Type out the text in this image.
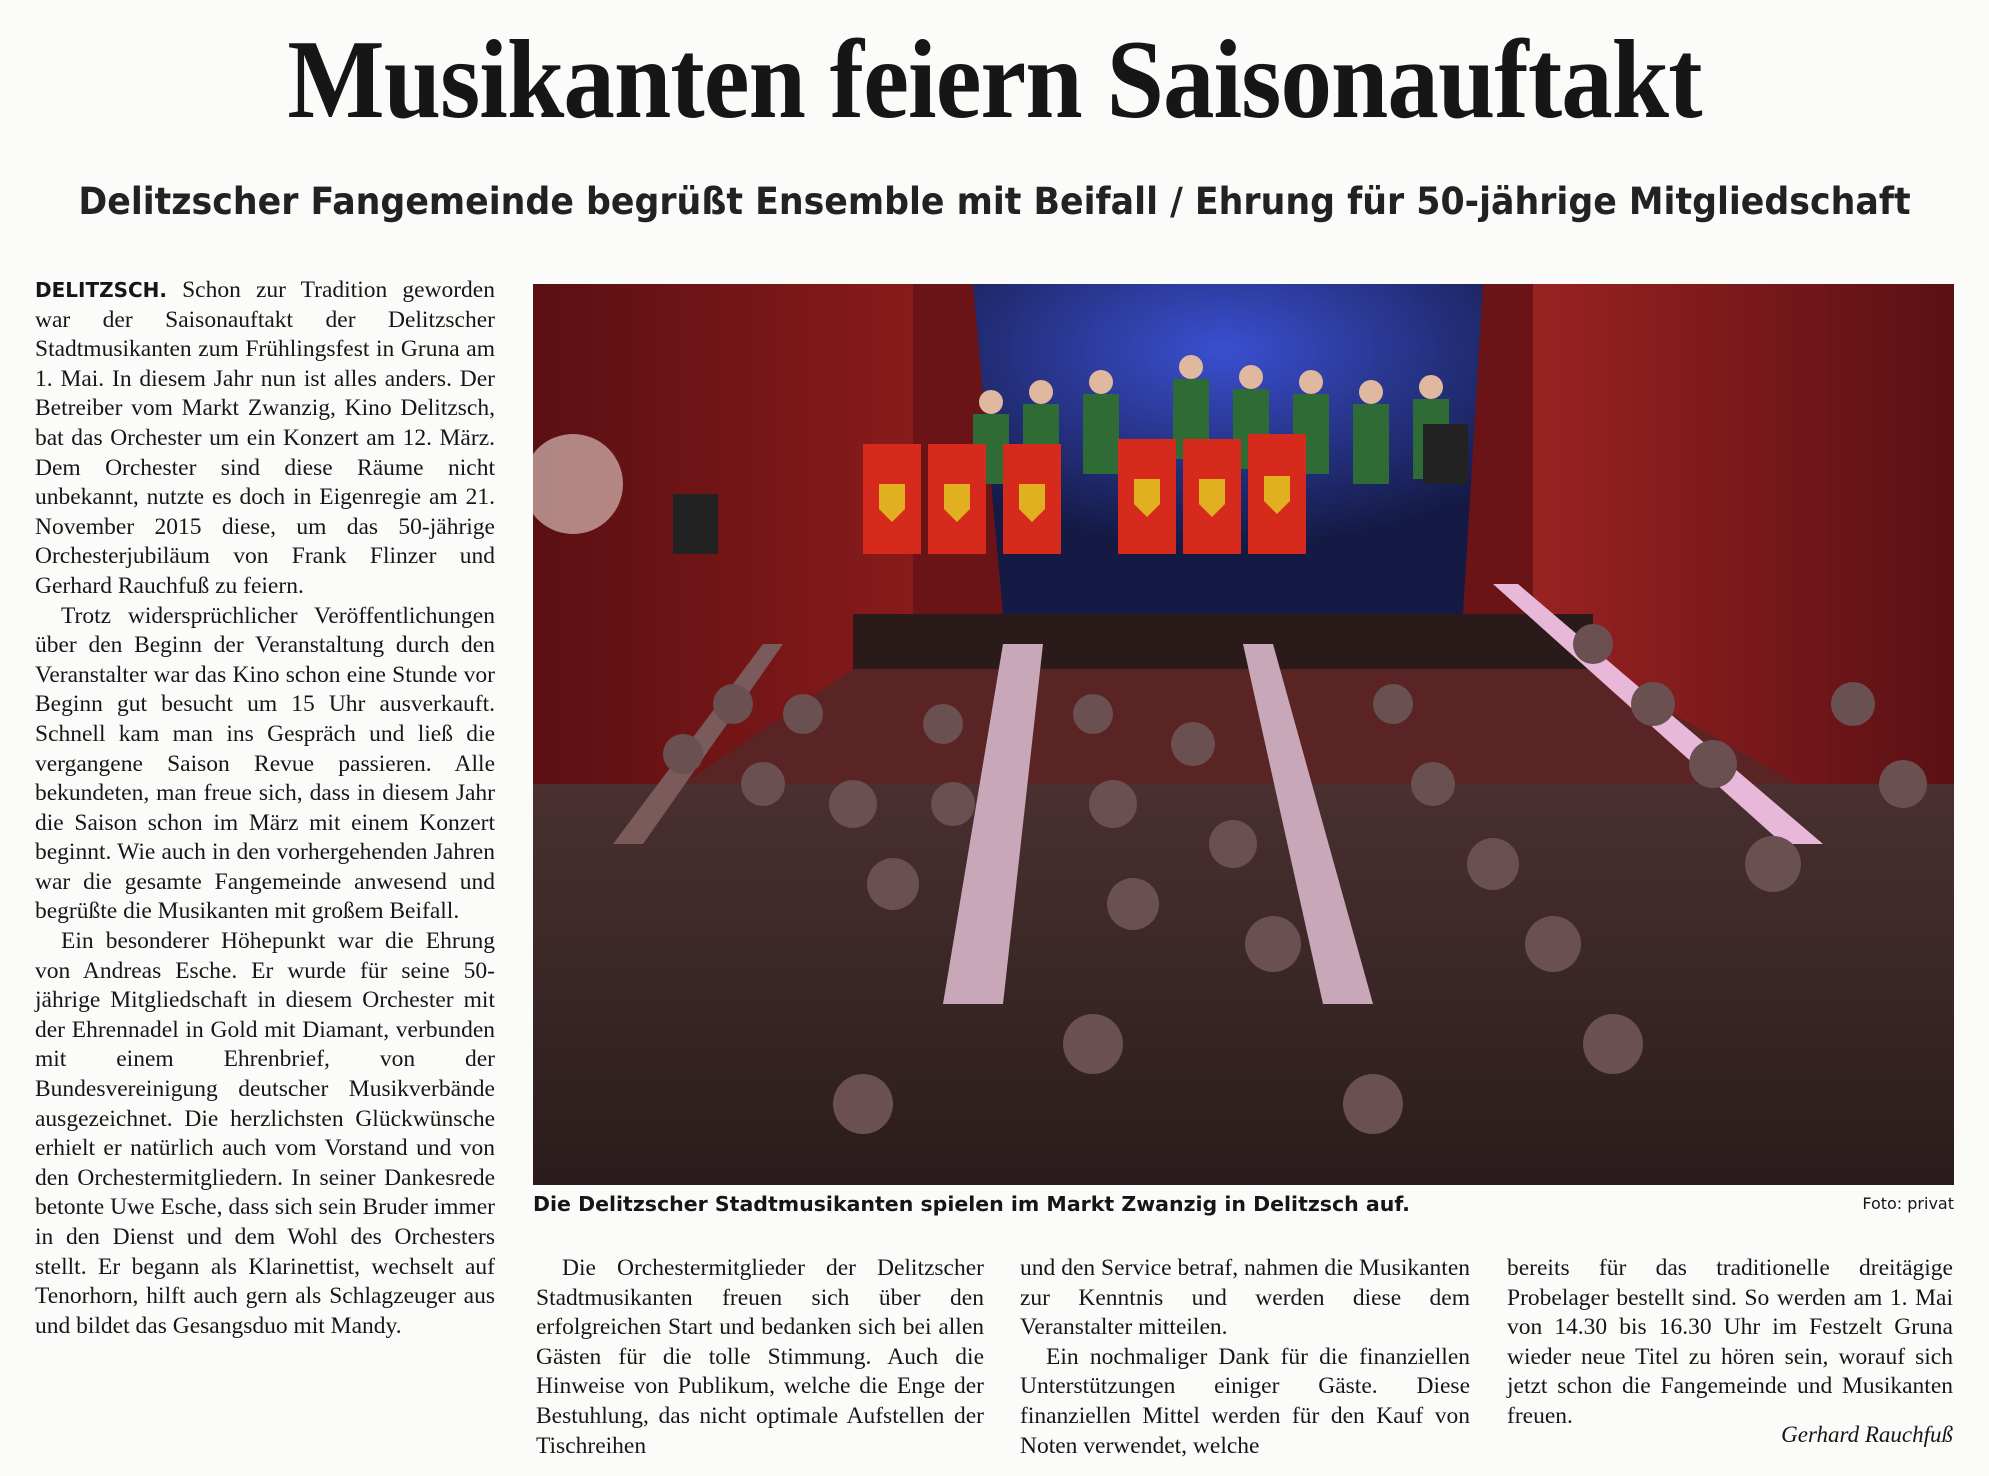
Musikanten feiern Saisonauftakt
Delitzscher Fangemeinde begrüßt Ensemble mit Beifall / Ehrung für 50-jährige Mitgliedschaft

DELITZSCH. Schon zur Tradition geworden war der Saisonauftakt der Delitzscher Stadtmusikanten zum Frühlingsfest in Gruna am 1. Mai. In diesem Jahr nun ist alles anders. Der Betreiber vom Markt Zwanzig, Kino Delitzsch, bat das Orchester um ein Konzert am 12. März. Dem Orchester sind diese Räume nicht unbekannt, nutzte es doch in Eigenregie am 21. November 2015 diese, um das 50-jährige Orchesterjubiläum von Frank Flinzer und Gerhard Rauchfuß zu feiern.

Trotz widersprüchlicher Veröffentlichungen über den Beginn der Veranstaltung durch den Veranstalter war das Kino schon eine Stunde vor Beginn gut besucht um 15 Uhr ausverkauft. Schnell kam man ins Gespräch und ließ die vergangene Saison Revue passieren. Alle bekundeten, man freue sich, dass in diesem Jahr die Saison schon im März mit einem Konzert beginnt. Wie auch in den vorhergehenden Jahren war die gesamte Fangemeinde anwesend und begrüßte die Musikanten mit großem Beifall.

Ein besonderer Höhepunkt war die Ehrung von Andreas Esche. Er wurde für seine 50-jährige Mitgliedschaft in diesem Orchester mit der Ehrennadel in Gold mit Diamant, verbunden mit einem Ehrenbrief, von der Bundesvereinigung deutscher Musikverbände ausgezeichnet. Die herzlichsten Glückwünsche erhielt er natürlich auch vom Vorstand und von den Orchestermitgliedern. In seiner Dankesrede betonte Uwe Esche, dass sich sein Bruder immer in den Dienst und dem Wohl des Orchesters stellt. Er begann als Klarinettist, wechselt auf Tenorhorn, hilft auch gern als Schlagzeuger aus und bildet das Gesangsduo mit Mandy.

Die Delitzscher Stadtmusikanten spielen im Markt Zwanzig in Delitzsch auf.	Foto: privat

Die Orchestermitglieder der Delitzscher Stadtmusikanten freuen sich über den erfolgreichen Start und bedanken sich bei allen Gästen für die tolle Stimmung. Auch die Hinweise von Publikum, welche die Enge der Bestuhlung, das nicht optimale Aufstellen der Tischreihen

und den Service betraf, nahmen die Musikanten zur Kenntnis und werden diese dem Veranstalter mitteilen.

Ein nochmaliger Dank für die finanziellen Unterstützungen einiger Gäste. Diese finanziellen Mittel werden für den Kauf von Noten verwendet, welche

bereits für das traditionelle dreitägige Probelager bestellt sind. So werden am 1. Mai von 14.30 bis 16.30 Uhr im Festzelt Gruna wieder neue Titel zu hören sein, worauf sich jetzt schon die Fangemeinde und Musikanten freuen.

Gerhard Rauchfuß
